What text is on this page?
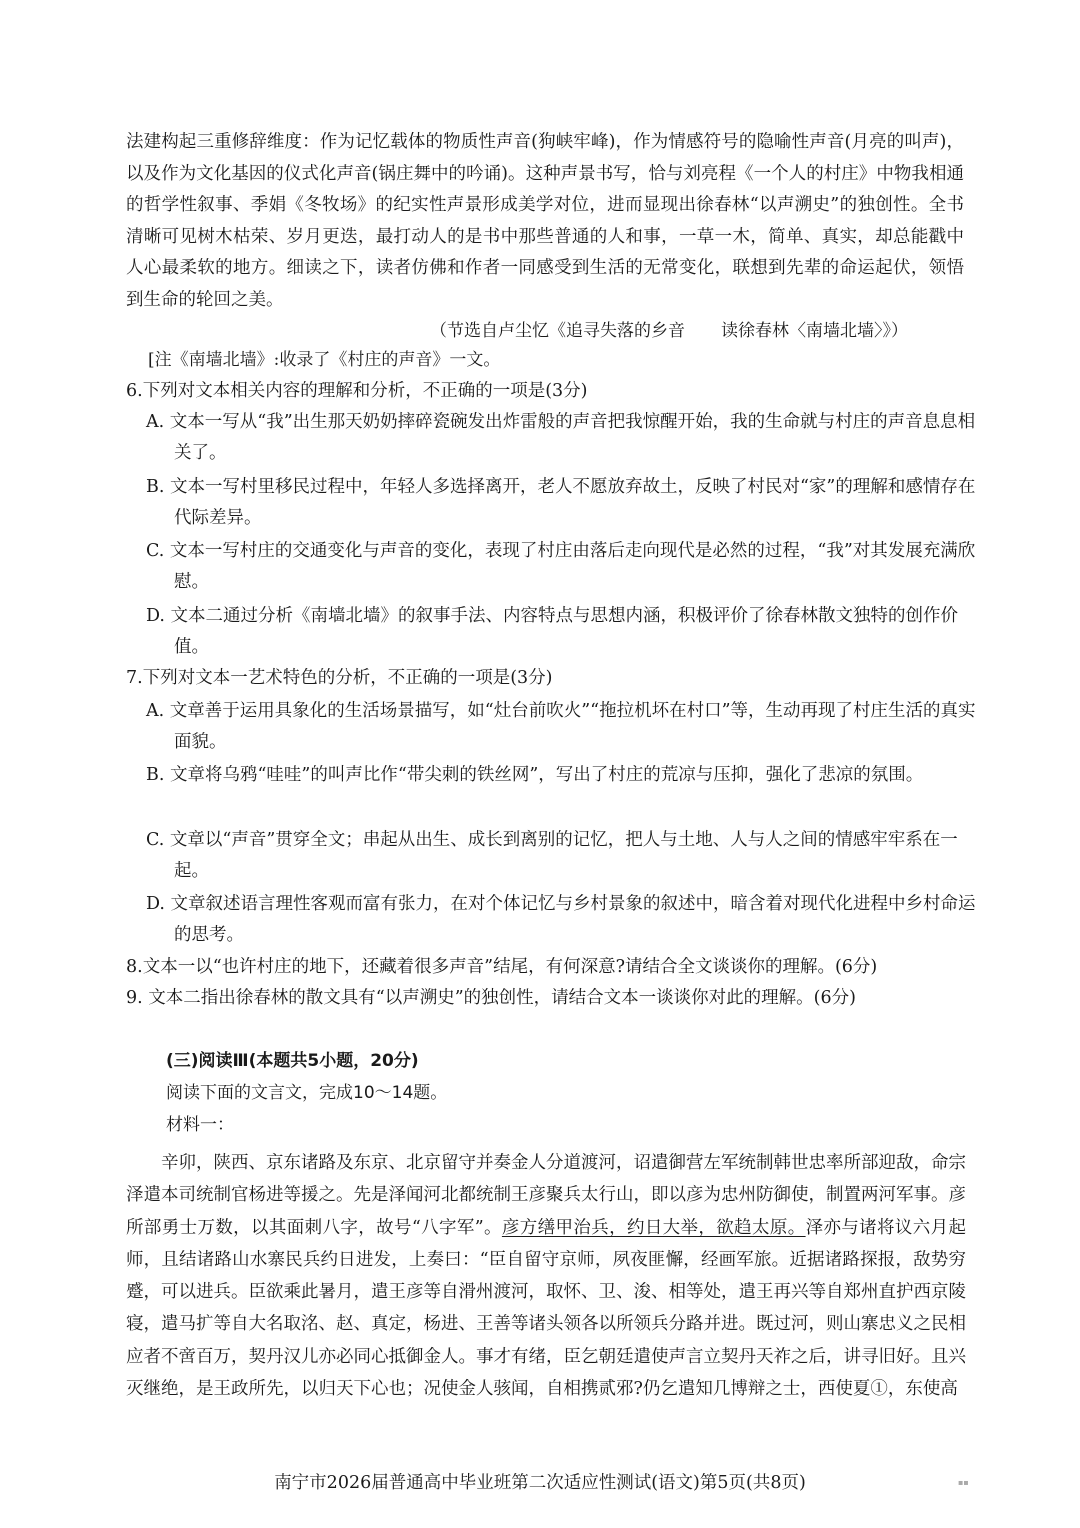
法建构起三重修辞维度：作为记忆载体的物质性声音(狗峡牢峰)，作为情感符号的隐喻性声音(月亮的叫声)，以及作为文化基因的仪式化声音(锅庄舞中的吟诵)。这种声景书写，恰与刘亮程《一个人的村庄》中物我相通的哲学性叙事、季娟《冬牧场》的纪实性声景形成美学对位，进而显现出徐春林“以声溯史”的独创性。全书清晰可见树木枯荣、岁月更迭，最打动人的是书中那些普通的人和事，一草一木，简单、真实，却总能戳中人心最柔软的地方。细读之下，读者仿佛和作者一同感受到生活的无常变化，联想到先辈的命运起伏，领悟到生命的轮回之美。

（节选自卢尘忆《追寻失落的乡音 读徐春林〈南墙北墙〉》）
[注《南墙北墙》:收录了《村庄的声音》一文。
6.下列对文本相关内容的理解和分析，不正确的一项是(3分)
A. 文本一写从“我”出生那天奶奶摔碎瓷碗发出炸雷般的声音把我惊醒开始，我的生命就与村庄的声音息息相关了。
B. 文本一写村里移民过程中，年轻人多选择离开，老人不愿放弃故土，反映了村民对“家”的理解和感情存在代际差异。
C. 文本一写村庄的交通变化与声音的变化，表现了村庄由落后走向现代是必然的过程，“我”对其发展充满欣慰。
D. 文本二通过分析《南墙北墙》的叙事手法、内容特点与思想内涵，积极评价了徐春林散文独特的创作价值。
7.下列对文本一艺术特色的分析，不正确的一项是(3分)
A. 文章善于运用具象化的生活场景描写，如“灶台前吹火”“拖拉机坏在村口”等，生动再现了村庄生活的真实面貌。
B. 文章将乌鸦“哇哇”的叫声比作“带尖刺的铁丝网”，写出了村庄的荒凉与压抑，强化了悲凉的氛围。
C. 文章以“声音”贯穿全文；串起从出生、成长到离别的记忆，把人与土地、人与人之间的情感牢牢系在一起。
D. 文章叙述语言理性客观而富有张力，在对个体记忆与乡村景象的叙述中，暗含着对现代化进程中乡村命运的思考。
8.文本一以“也许村庄的地下，还藏着很多声音”结尾，有何深意?请结合全文谈谈你的理解。(6分)
9. 文本二指出徐春林的散文具有“以声溯史”的独创性，请结合文本一谈谈你对此的理解。(6分)
(三)阅读Ⅲ(本题共5小题，20分)
阅读下面的文言文，完成10～14题。
材料一：

辛卯，陕西、京东诸路及东京、北京留守并奏金人分道渡河，诏遣御营左军统制韩世忠率所部迎敌，命宗泽遣本司统制官杨进等援之。先是泽闻河北都统制王彦聚兵太行山，即以彦为忠州防御使，制置两河军事。彦所部勇士万数，以其面刺八字，故号“八字军”。彦方缮甲治兵，约日大举，欲趋太原。泽亦与诸将议六月起师，且结诸路山水寨民兵约日进发，上奏曰：“臣自留守京师，夙夜匪懈，经画军旅。近据诸路探报，敌势穷蹙，可以进兵。臣欲乘此暑月，遣王彦等自滑州渡河，取怀、卫、浚、相等处，遣王再兴等自郑州直护西京陵寝，遣马扩等自大名取洺、赵、真定，杨进、王善等诸头领各以所领兵分路并进。既过河，则山寨忠义之民相应者不啻百万，契丹汉儿亦必同心抵御金人。事才有绪，臣乞朝廷遣使声言立契丹天祚之后，讲寻旧好。且兴灭继绝，是王政所先，以归天下心也；况使金人骇闻，自相携贰邪?仍乞遣知几博辩之士，西使夏①，东使高

南宁市2026届普通高中毕业班第二次适应性测试(语文)第5页(共8页)	▪▪
